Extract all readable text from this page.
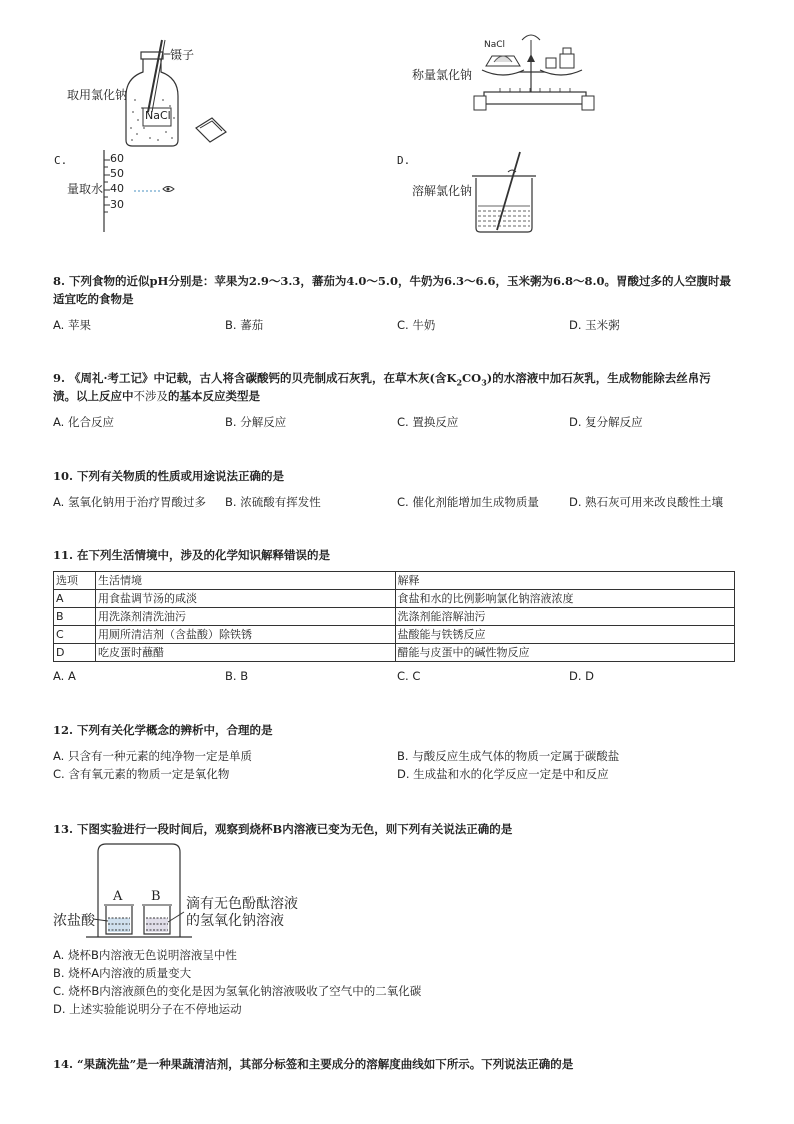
镊子
取用氯化钠
NaCl
NaCl
称量氯化钠
C.	60
50
40
30
量取水
D.
溶解氯化钠
8. 下列食物的近似pH分别是：苹果为2.9～3.3，蕃茄为4.0～5.0，牛奶为6.3～6.6，玉米粥为6.8～8.0。胃酸过多的人空腹时最
适宜吃的食物是
A. 苹果	B. 蕃茄	C. 牛奶	D. 玉米粥
9. 《周礼·考工记》中记载，古人将含碳酸钙的贝壳制成石灰乳，在草木灰(含$K_2CO_3$)的水溶液中加石灰乳，生成物能除去丝帛污
渍。以上反应中不涉及的基本反应类型是
A. 化合反应	B. 分解反应	C. 置换反应	D. 复分解反应
10. 下列有关物质的性质或用途说法正确的是
A. 氢氧化钠用于治疗胃酸过多 B. 浓硫酸有挥发性	C. 催化剂能增加生成物质量	D. 熟石灰可用来改良酸性土壤
11. 在下列生活情境中，涉及的化学知识解释错误的是
选项	生活情境	解释
A	用食盐调节汤的咸淡	食盐和水的比例影响氯化钠溶液浓度
B	用洗涤剂清洗油污	洗涤剂能溶解油污
C	用厕所清洁剂（含盐酸）除铁锈	盐酸能与铁锈反应
D	吃皮蛋时蘸醋	醋能与皮蛋中的碱性物反应
A. A	B. B	C. C	D. D
12. 下列有关化学概念的辨析中，合理的是
A. 只含有一种元素的纯净物一定是单质	B. 与酸反应生成气体的物质一定属于碳酸盐
C. 含有氧元素的物质一定是氧化物	D. 生成盐和水的化学反应一定是中和反应
13. 下图实验进行一段时间后，观察到烧杯B内溶液已变为无色，则下列有关说法正确的是
A B
浓盐酸
滴有无色酚酞溶液
的氢氧化钠溶液
A. 烧杯B内溶液无色说明溶液呈中性
B. 烧杯A内溶液的质量变大
C. 烧杯B内溶液颜色的变化是因为氢氧化钠溶液吸收了空气中的二氧化碳
D. 上述实验能说明分子在不停地运动
14. “果蔬洗盐”是一种果蔬清洁剂，其部分标签和主要成分的溶解度曲线如下所示。下列说法正确的是
